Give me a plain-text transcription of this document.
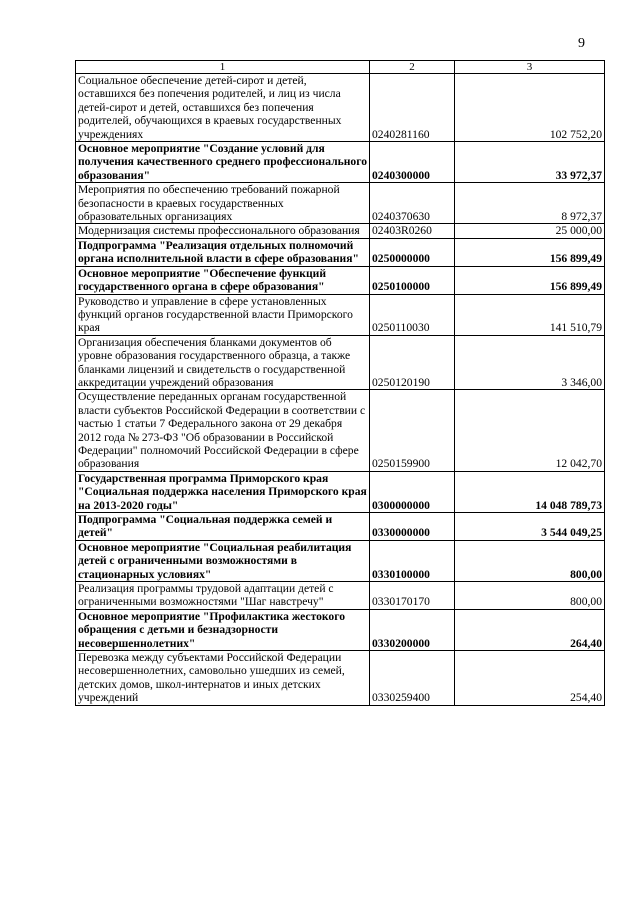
9
1	2	3
Социальное обеспечение детей-сирот и детей, оставшихся без попечения родителей, и лиц из числа детей-сирот и детей, оставшихся без попечения родителей, обучающихся в краевых государственных учреждениях	0240281160	102 752,20
Основное мероприятие "Создание условий для получения качественного среднего профессионального образования"	0240300000	33 972,37
Мероприятия по обеспечению требований пожарной безопасности в краевых государственных образовательных организациях	0240370630	8 972,37
Модернизация системы профессионального образования	02403R0260	25 000,00
Подпрограмма "Реализация отдельных полномочий органа исполнительной власти в сфере образования"	0250000000	156 899,49
Основное мероприятие "Обеспечение функций государственного органа в сфере образования"	0250100000	156 899,49
Руководство и управление в сфере установленных функций органов государственной власти Приморского края	0250110030	141 510,79
Организация обеспечения бланками документов об уровне образования государственного образца, а также бланками лицензий и свидетельств о государственной аккредитации учреждений образования	0250120190	3 346,00
Осуществление переданных органам государственной власти субъектов Российской Федерации в соответствии с частью 1 статьи 7 Федерального закона от 29 декабря 2012 года № 273-ФЗ "Об образовании в Российской Федерации" полномочий Российской Федерации в сфере образования	0250159900	12 042,70
Государственная программа Приморского края "Социальная поддержка населения Приморского края на 2013-2020 годы"	0300000000	14 048 789,73
Подпрограмма "Социальная поддержка семей и детей"	0330000000	3 544 049,25
Основное мероприятие "Социальная реабилитация детей с ограниченными возможностями в стационарных условиях"	0330100000	800,00
Реализация программы трудовой адаптации детей с ограниченными возможностями "Шаг навстречу"	0330170170	800,00
Основное мероприятие "Профилактика жестокого обращения с детьми и безнадзорности несовершеннолетних"	0330200000	264,40
Перевозка между субъектами Российской Федерации несовершеннолетних, самовольно ушедших из семей, детских домов, школ-интернатов и иных детских учреждений	0330259400	254,40
